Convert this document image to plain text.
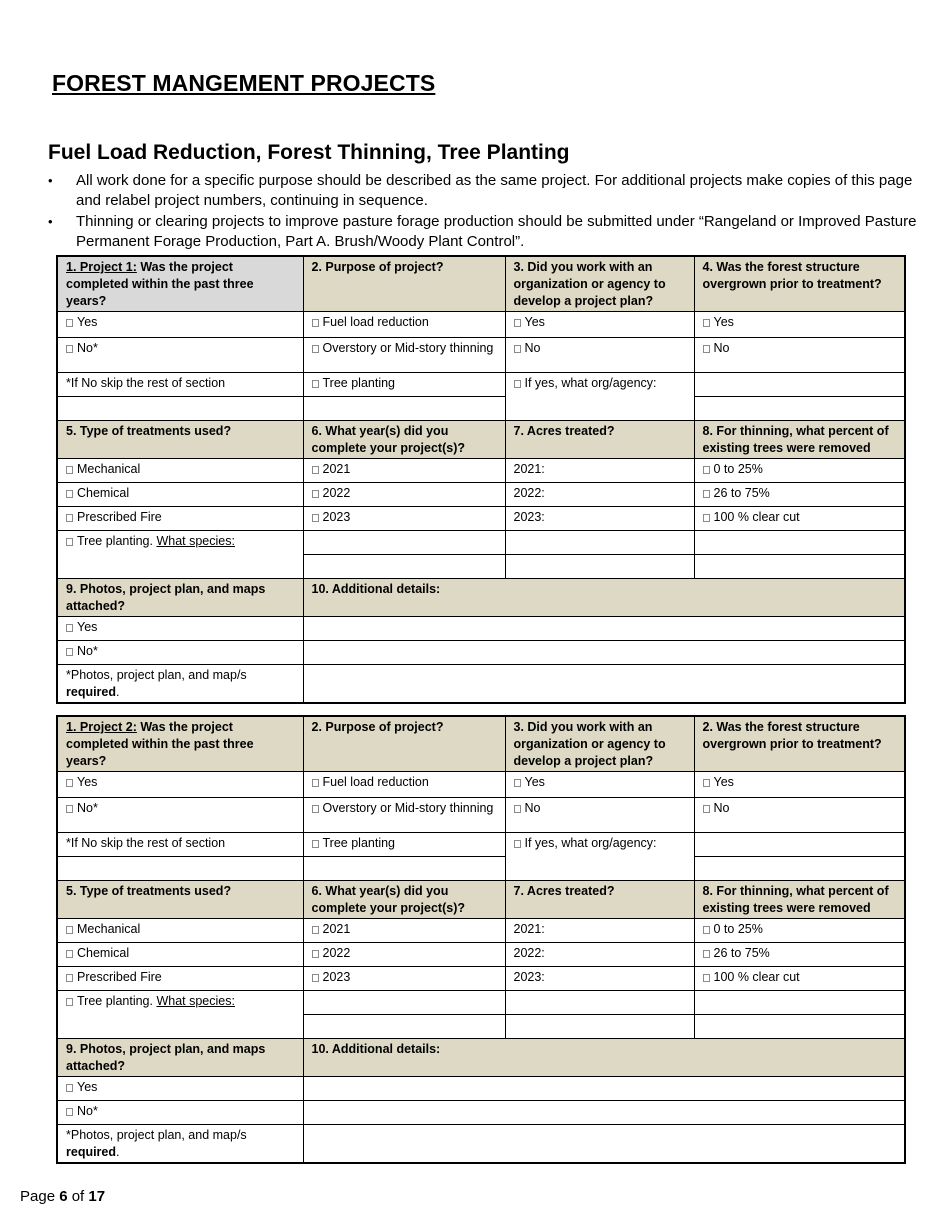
FOREST MANGEMENT PROJECTS
Fuel Load Reduction, Forest Thinning, Tree Planting
• All work done for a specific purpose should be described as the same project. For additional projects make copies of this page and relabel project numbers, continuing in sequence.
• Thinning or clearing projects to improve pasture forage production should be submitted under “Rangeland or Improved Pasture Permanent Forage Production, Part A. Brush/Woody Plant Control”.
1. Project 1: Was the project completed within the past three years?	2. Purpose of project?	3. Did you work with an organization or agency to develop a project plan?	4. Was the forest structure overgrown prior to treatment?
Yes	Fuel load reduction	Yes	Yes
No*	Overstory or Mid-story thinning	No	No
*If No skip the rest of section	Tree planting	If yes, what org/agency:	

5. Type of treatments used?	6. What year(s) did you complete your project(s)?	7. Acres treated?	8. For thinning, what percent of existing trees were removed
Mechanical	2021	2021:	0 to 25%
Chemical	2022	2022:	26 to 75%
Prescribed Fire	2023	2023:	100 % clear cut
Tree planting. What species:			

9. Photos, project plan, and maps attached?	10. Additional details:		
Yes			
No*			
*Photos, project plan, and map/s required.			
1. Project 2: Was the project completed within the past three years?	2. Purpose of project?	3. Did you work with an organization or agency to develop a project plan?	2. Was the forest structure overgrown prior to treatment?
Yes	Fuel load reduction	Yes	Yes
No*	Overstory or Mid-story thinning	No	No
*If No skip the rest of section	Tree planting	If yes, what org/agency:	

5. Type of treatments used?	6. What year(s) did you complete your project(s)?	7. Acres treated?	8. For thinning, what percent of existing trees were removed
Mechanical	2021	2021:	0 to 25%
Chemical	2022	2022:	26 to 75%
Prescribed Fire	2023	2023:	100 % clear cut
Tree planting. What species:			

9. Photos, project plan, and maps attached?	10. Additional details:		
Yes			
No*			
*Photos, project plan, and map/s required.			
Page 6 of 17
